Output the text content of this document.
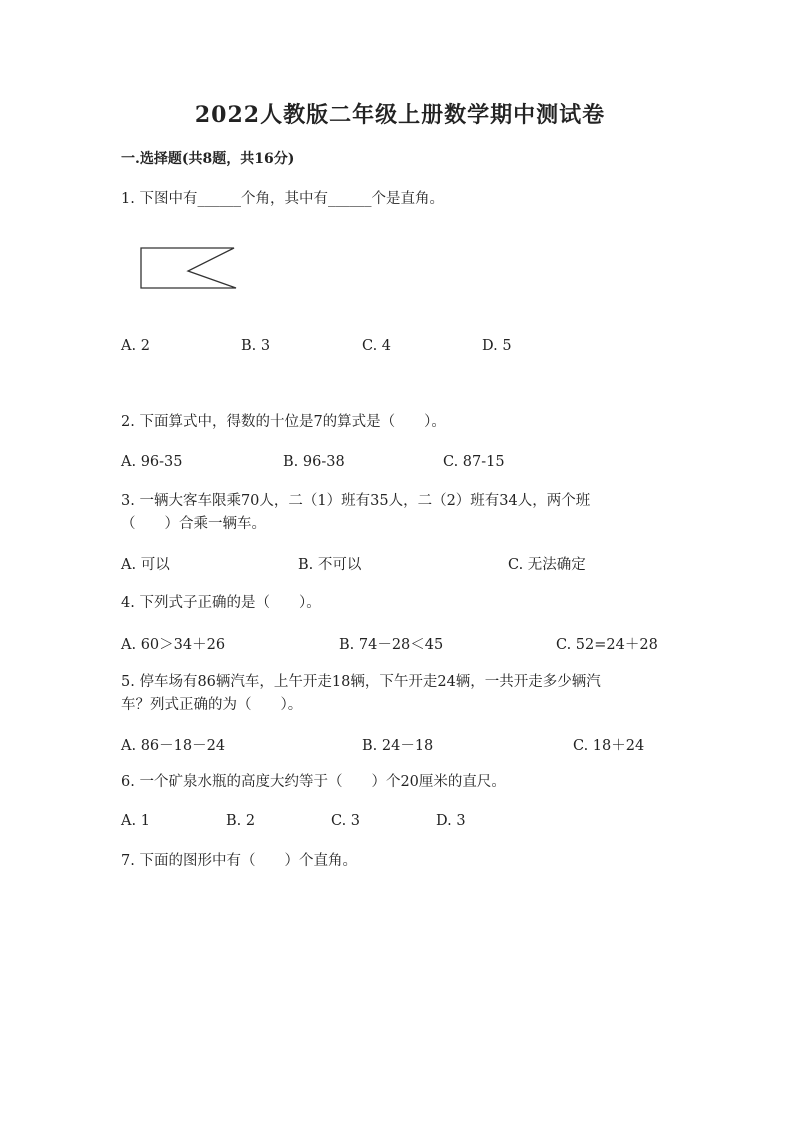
2022人教版二年级上册数学期中测试卷
一.选择题(共8题，共16分)
1. 下图中有______个角，其中有______个是直角。
A. 2	B. 3	C. 4	D. 5
2. 下面算式中，得数的十位是7的算式是（　　）。
A. 96-35	B. 96-38	C. 87-15
3. 一辆大客车限乘70人，二（1）班有35人，二（2）班有34人，两个班
（　　）合乘一辆车。
A. 可以	B. 不可以	C. 无法确定
4. 下列式子正确的是（　　）。
A. 60＞34＋26	B. 74－28＜45	C. 52=24＋28
5. 停车场有86辆汽车，上午开走18辆，下午开走24辆，一共开走多少辆汽
车？列式正确的为（　　）。
A. 86－18－24	B. 24－18	C. 18＋24
6. 一个矿泉水瓶的高度大约等于（　　）个20厘米的直尺。
A. 1	B. 2	C. 3	D. 3
7. 下面的图形中有（　　）个直角。
